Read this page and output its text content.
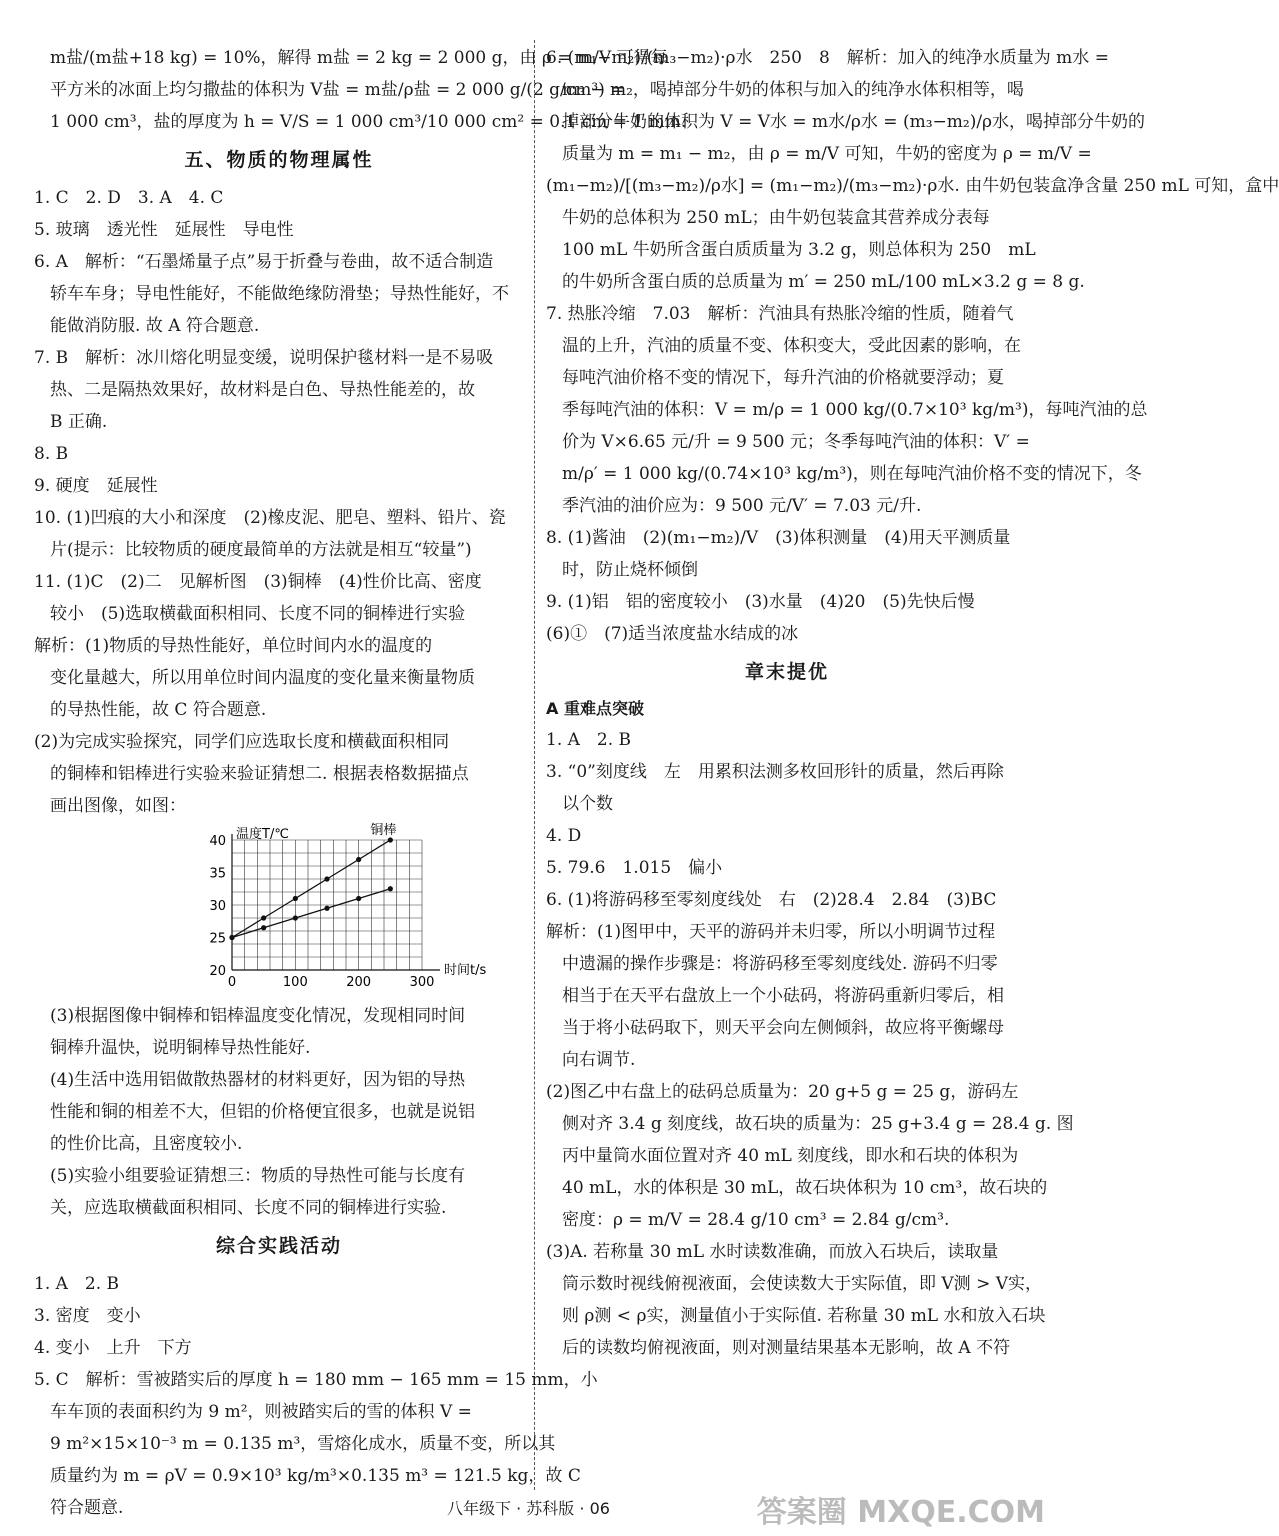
m盐/(m盐+18 kg) = 10%，解得 m盐 = 2 kg = 2 000 g，由 ρ = m/V 可得每
平方米的冰面上均匀撒盐的体积为 V盐 = m盐/ρ盐 = 2 000 g/(2 g/cm³) =
1 000 cm³，盐的厚度为 h = V/S = 1 000 cm³/10 000 cm² = 0.1 cm = 1 mm.
五、物质的物理属性
1. C　2. D　3. A　4. C
5. 玻璃　透光性　延展性　导电性
6. A　解析：“石墨烯量子点”易于折叠与卷曲，故不适合制造
轿车车身；导电性能好，不能做绝缘防滑垫；导热性能好，不
能做消防服. 故 A 符合题意.
7. B　解析：冰川熔化明显变缓，说明保护毯材料一是不易吸
热、二是隔热效果好，故材料是白色、导热性能差的，故
B 正确.
8. B
9. 硬度　延展性
10. (1)凹痕的大小和深度　(2)橡皮泥、肥皂、塑料、铅片、瓷
片(提示：比较物质的硬度最简单的方法就是相互“较量”)
11. (1)C　(2)二　见解析图　(3)铜棒　(4)性价比高、密度
较小　(5)选取横截面积相同、长度不同的铜棒进行实验
解析：(1)物质的导热性能好，单位时间内水的温度的
变化量越大，所以用单位时间内温度的变化量来衡量物质
的导热性能，故 C 符合题意.
(2)为完成实验探究，同学们应选取长度和横截面积相同
的铜棒和铝棒进行实验来验证猜想二. 根据表格数据描点
画出图像，如图：
0	100	200	300
20
25
30
35
40 温度T/℃
时间t/s
铜棒
(3)根据图像中铜棒和铝棒温度变化情况，发现相同时间
铜棒升温快，说明铜棒导热性能好.
(4)生活中选用铝做散热器材的材料更好，因为铝的导热
性能和铜的相差不大，但铝的价格便宜很多，也就是说铝
的性价比高，且密度较小.
(5)实验小组要验证猜想三：物质的导热性可能与长度有
关，应选取横截面积相同、长度不同的铜棒进行实验.
综合实践活动
1. A　2. B
3. 密度　变小
4. 变小　上升　下方
5. C　解析：雪被踏实后的厚度 h = 180 mm − 165 mm = 15 mm，小
车车顶的表面积约为 9 m²，则被踏实后的雪的体积 V =
9 m²×15×10⁻³ m = 0.135 m³，雪熔化成水，质量不变，所以其
质量约为 m = ρV = 0.9×10³ kg/m³×0.135 m³ = 121.5 kg，故 C
符合题意.
6. (m₁−m₂)/(m₃−m₂)·ρ水　250　8　解析：加入的纯净水质量为 m水 =
m₃ − m₂，喝掉部分牛奶的体积与加入的纯净水体积相等，喝
掉部分牛奶的体积为 V = V水 = m水/ρ水 = (m₃−m₂)/ρ水，喝掉部分牛奶的
质量为 m = m₁ − m₂，由 ρ = m/V 可知，牛奶的密度为 ρ = m/V =
(m₁−m₂)/[(m₃−m₂)/ρ水] = (m₁−m₂)/(m₃−m₂)·ρ水. 由牛奶包装盒净含量 250 mL 可知，盒中
牛奶的总体积为 250 mL；由牛奶包装盒其营养成分表每
100 mL 牛奶所含蛋白质质量为 3.2 g，则总体积为 250　mL
的牛奶所含蛋白质的总质量为 m′ = 250 mL/100 mL×3.2 g = 8 g.
7. 热胀冷缩　7.03　解析：汽油具有热胀冷缩的性质，随着气
温的上升，汽油的质量不变、体积变大，受此因素的影响，在
每吨汽油价格不变的情况下，每升汽油的价格就要浮动；夏
季每吨汽油的体积：V = m/ρ = 1 000 kg/(0.7×10³ kg/m³)，每吨汽油的总
价为 V×6.65 元/升 = 9 500 元；冬季每吨汽油的体积：V′ =
m/ρ′ = 1 000 kg/(0.74×10³ kg/m³)，则在每吨汽油价格不变的情况下，冬
季汽油的油价应为：9 500 元/V′ = 7.03 元/升.
8. (1)酱油　(2)(m₁−m₂)/V　(3)体积测量　(4)用天平测质量
时，防止烧杯倾倒
9. (1)铝　铝的密度较小　(3)水量　(4)20　(5)先快后慢
(6)①　(7)适当浓度盐水结成的冰
章末提优
A 重难点突破
1. A　2. B
3. “0”刻度线　左　用累积法测多枚回形针的质量，然后再除
以个数
4. D
5. 79.6　1.015　偏小
6. (1)将游码移至零刻度线处　右　(2)28.4　2.84　(3)BC
解析：(1)图甲中，天平的游码并未归零，所以小明调节过程
中遗漏的操作步骤是：将游码移至零刻度线处. 游码不归零
相当于在天平右盘放上一个小砝码，将游码重新归零后，相
当于将小砝码取下，则天平会向左侧倾斜，故应将平衡螺母
向右调节.
(2)图乙中右盘上的砝码总质量为：20 g+5 g = 25 g，游码左
侧对齐 3.4 g 刻度线，故石块的质量为：25 g+3.4 g = 28.4 g. 图
丙中量筒水面位置对齐 40 mL 刻度线，即水和石块的体积为
40 mL，水的体积是 30 mL，故石块体积为 10 cm³，故石块的
密度：ρ = m/V = 28.4 g/10 cm³ = 2.84 g/cm³.
(3)A. 若称量 30 mL 水时读数准确，而放入石块后，读取量
筒示数时视线俯视液面，会使读数大于实际值，即 V测 > V实，
则 ρ测 < ρ实，测量值小于实际值. 若称量 30 mL 水和放入石块
后的读数均俯视液面，则对测量结果基本无影响，故 A 不符
八年级下 · 苏科版 · 06	答案圈 MXQE.COM
